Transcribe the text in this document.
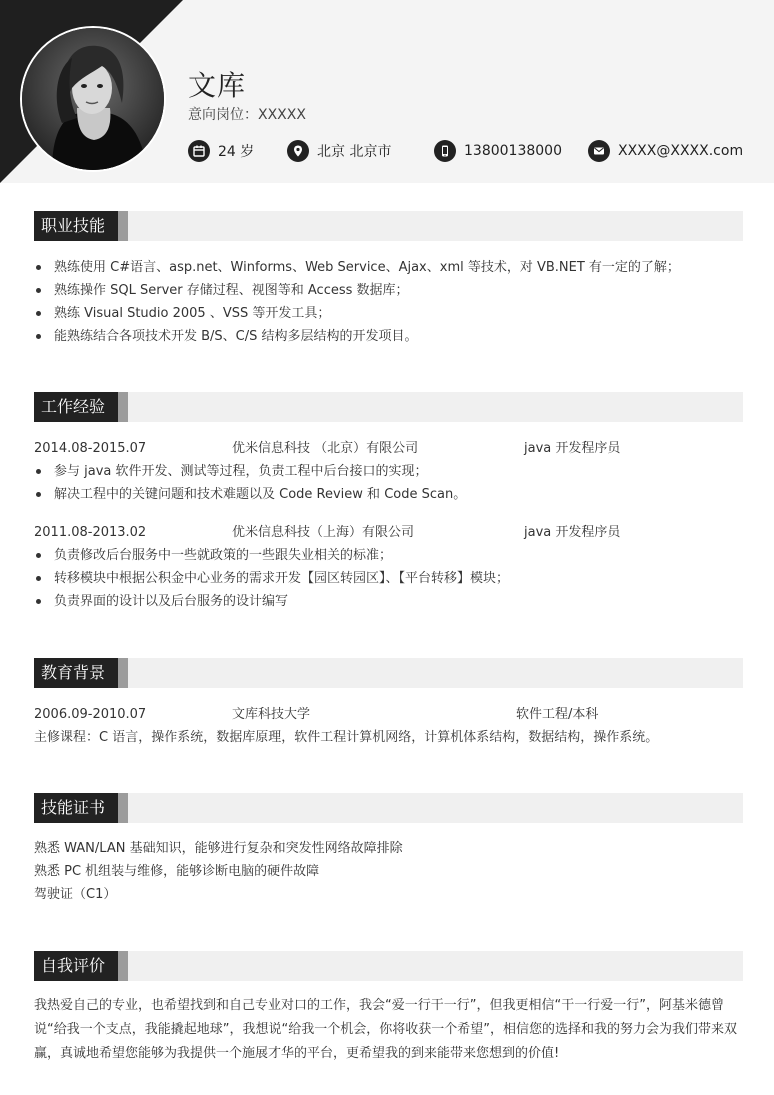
文库
意向岗位：XXXXX
24 岁	北京 北京市	13800138000	XXXX@XXXX.com
职业技能
熟练使用 C#语言、asp.net、Winforms、Web Service、Ajax、xml 等技术，对 VB.NET 有一定的了解；
熟练操作 SQL Server 存储过程、视图等和 Access 数据库；
熟练 Visual Studio 2005 、VSS 等开发工具；
能熟练结合各项技术开发 B/S、C/S 结构多层结构的开发项目。
工作经验
2014.08-2015.07	优米信息科技 （北京）有限公司	java 开发程序员
参与 java 软件开发、测试等过程，负责工程中后台接口的实现；
解决工程中的关键问题和技术难题以及 Code Review 和 Code Scan。
2011.08-2013.02	优米信息科技（上海）有限公司	java 开发程序员
负责修改后台服务中一些就政策的一些跟失业相关的标准；
转移模块中根据公积金中心业务的需求开发【园区转园区】、【平台转移】模块；
负责界面的设计以及后台服务的设计编写
教育背景
2006.09-2010.07	文库科技大学	软件工程/本科
主修课程：C 语言，操作系统，数据库原理，软件工程计算机网络，计算机体系结构，数据结构，操作系统。
技能证书
熟悉 WAN/LAN 基础知识，能够进行复杂和突发性网络故障排除
熟悉 PC 机组装与维修，能够诊断电脑的硬件故障
驾驶证（C1）
自我评价

我热爱自己的专业，也希望找到和自己专业对口的工作，我会“爱一行干一行”，但我更相信“干一行爱一行”，阿基米德曾说“给我一个支点，我能撬起地球”，我想说“给我一个机会，你将收获一个希望”，相信您的选择和我的努力会为我们带来双赢，真诚地希望您能够为我提供一个施展才华的平台，更希望我的到来能带来您想到的价值!
